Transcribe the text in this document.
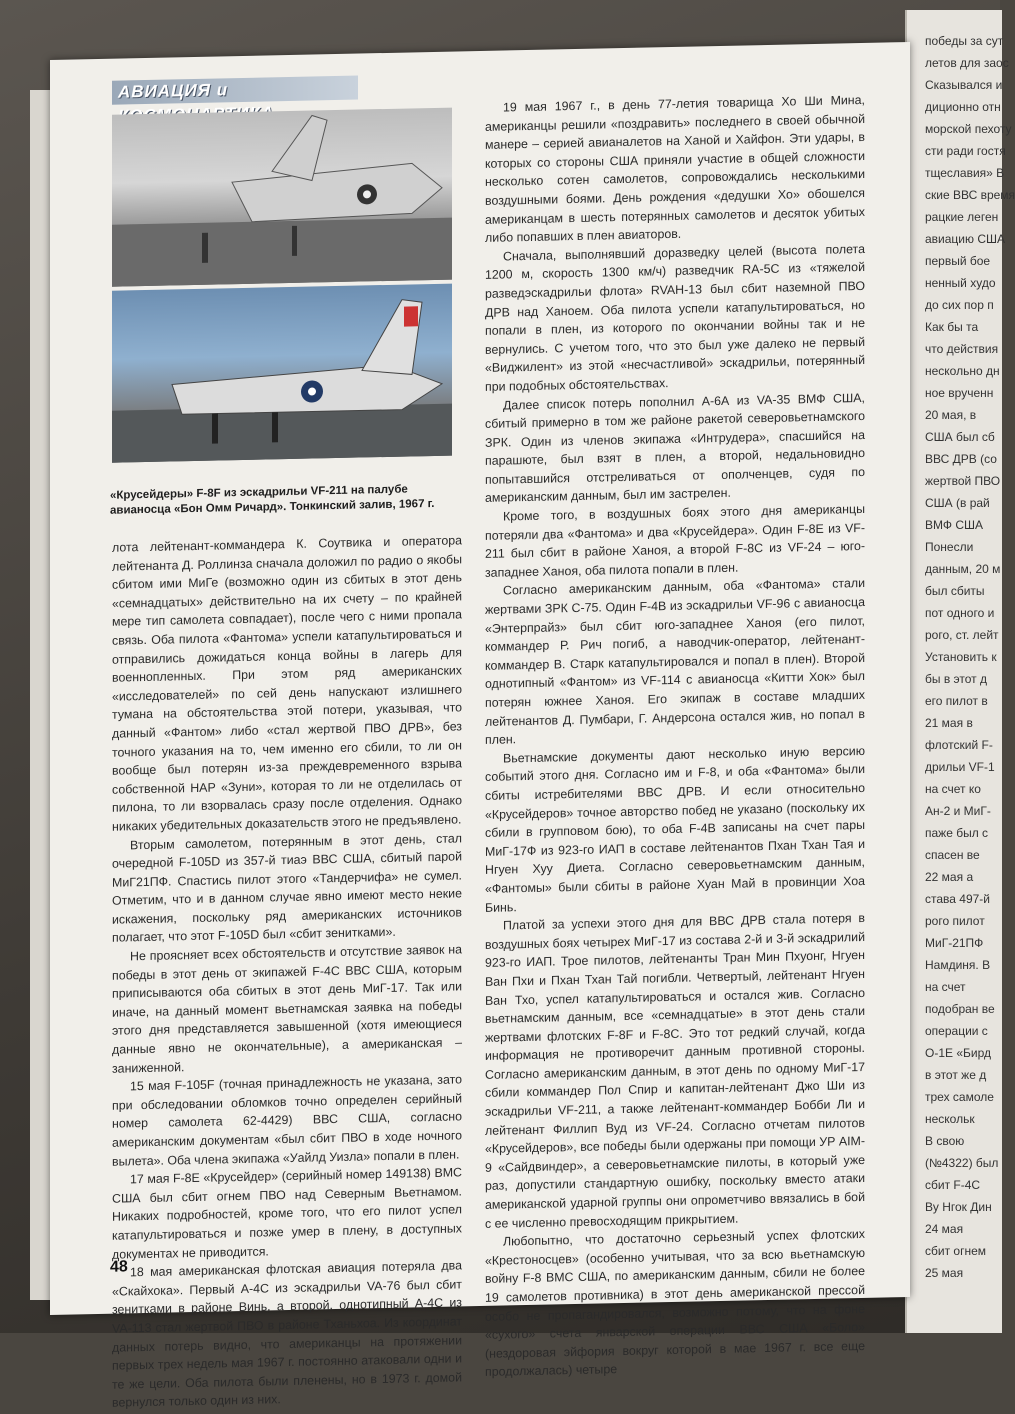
победы за сут
летов для заос
Сказывался и
диционно отн
морской пехоту
сти ради гостя
тщеславия» В
ские ВВС время
рацкие леген
авиацию США
первый бое
ненный худо
до сих пор п
Как бы та
что действия
нескольно дн
ное врученн
20 мая, в
США был сб
ВВС ДРВ (со
жертвой ПВО
США (в рай
ВМФ США
Понесли
данным, 20 м
был сбиты
пот одного и
рого, ст. лейт
Установить к
бы в этот д
его пилот в
21 мая в
флотский F-
дрильи VF-1
на счет ко
Ан-2 и МиГ-
паже был с
спасен ве
22 мая а
става 497-й
рого пилот
МиГ-21ПФ
Намдиня. В
на счет
подобран ве
операции с
О-1Е «Бирд
в этот же д
трех самоле
нескольк
В свою
(№4322) был
сбит F-4С
Ву Нгок Дин
24 мая
сбит огнем
25 мая
АВИАЦИЯ и
«Крусейдеры» F-8F из эскадрильи VF-211 на палубе авианосца «Бон Омм Ричард». Тонкинский залив, 1967 г.

лота лейтенант-коммандера К. Соутвика и оператора лейтенанта Д. Роллинза сначала доложил по радио о якобы сбитом ими МиГе (возможно один из сбитых в этот день «семнадцатых» действительно на их счету – по крайней мере тип самолета совпадает), после чего с ними пропала связь. Оба пилота «Фантома» успели катапультироваться и отправились дожидаться конца войны в лагерь для военнопленных. При этом ряд американских «исследователей» по сей день напускают излишнего тумана на обстоятельства этой потери, указывая, что данный «Фантом» либо «стал жертвой ПВО ДРВ», без точного указания на то, чем именно его сбили, то ли он вообще был потерян из-за преждевременного взрыва собственной НАР «Зуни», которая то ли не отделилась от пилона, то ли взорвалась сразу после отделения. Однако никаких убедительных доказательств этого не предъявлено.

Вторым самолетом, потерянным в этот день, стал очередной F-105D из 357-й тиаэ ВВС США, сбитый парой МиГ21ПФ. Спастись пилот этого «Тандерчифа» не сумел. Отметим, что и в данном случае явно имеют место некие искажения, поскольку ряд американских источников полагает, что этот F-105D был «сбит зенитками».

Не проясняет всех обстоятельств и отсутствие заявок на победы в этот день от экипажей F-4C ВВС США, которым приписываются оба сбитых в этот день МиГ-17. Так или иначе, на данный момент вьетнамская заявка на победы этого дня представляется завышенной (хотя имеющиеся данные явно не окончательные), а американская – заниженной.

15 мая F-105F (точная принадлежность не указана, зато при обследовании обломков точно определен серийный номер самолета 62-4429) ВВС США, согласно американским документам «был сбит ПВО в ходе ночного вылета». Оба члена экипажа «Уайлд Уизла» попали в плен.

17 мая F-8E «Крусейдер» (серийный номер 149138) ВМС США был сбит огнем ПВО над Северным Вьетнамом. Никаких подробностей, кроме того, что его пилот успел катапультироваться и позже умер в плену, в доступных документах не приводится.

18 мая американская флотская авиация потеряла два «Скайхока». Первый А-4С из эскадрильи VA-76 был сбит зенитками в районе Винь, а второй, однотипный А-4С из VA-113 стал жертвой ПВО в районе Тханьхоа. Из координат данных потерь видно, что американцы на протяжении первых трех недель мая 1967 г. постоянно атаковали одни и те же цели. Оба пилота были пленены, но в 1973 г. домой вернулся только один из них.

19 мая 1967 г., в день 77-летия товарища Хо Ши Мина, американцы решили «поздравить» последнего в своей обычной манере – серией авианалетов на Ханой и Хайфон. Эти удары, в которых со стороны США приняли участие в общей сложности несколько сотен самолетов, сопровождались несколькими воздушными боями. День рождения «дедушки Хо» обошелся американцам в шесть потерянных самолетов и десяток убитых либо попавших в плен авиаторов.

Сначала, выполнявший доразведку целей (высота полета 1200 м, скорость 1300 км/ч) разведчик RA-5C из «тяжелой разведэскадрильи флота» RVAH-13 был сбит наземной ПВО ДРВ над Ханоем. Оба пилота успели катапультироваться, но попали в плен, из которого по окончании войны так и не вернулись. С учетом того, что это был уже далеко не первый «Виджилент» из этой «несчастливой» эскадрильи, потерянный при подобных обстоятельствах.

Далее список потерь пополнил А-6А из VA-35 ВМФ США, сбитый примерно в том же районе ракетой северовьетнамского ЗРК. Один из членов экипажа «Интрудера», спасшийся на парашюте, был взят в плен, а второй, недальновидно попытавшийся отстреливаться от ополченцев, судя по американским данным, был им застрелен.

Кроме того, в воздушных боях этого дня американцы потеряли два «Фантома» и два «Крусейдера». Один F-8E из VF-211 был сбит в районе Ханоя, а второй F-8C из VF-24 – юго-западнее Ханоя, оба пилота попали в плен.

Согласно американским данным, оба «Фантома» стали жертвами ЗРК С-75. Один F-4B из эскадрильи VF-96 с авианосца «Энтерпрайз» был сбит юго-западнее Ханоя (его пилот, коммандер Р. Рич погиб, а наводчик-оператор, лейтенант-коммандер В. Старк катапультировался и попал в плен). Второй однотипный «Фантом» из VF-114 с авианосца «Китти Хок» был потерян южнее Ханоя. Его экипаж в составе младших лейтенантов Д. Пумбари, Г. Андерсона остался жив, но попал в плен.

Вьетнамские документы дают несколько иную версию событий этого дня. Согласно им и F-8, и оба «Фантома» были сбиты истребителями ВВС ДРВ. И если относительно «Крусейдеров» точное авторство побед не указано (поскольку их сбили в групповом бою), то оба F-4B записаны на счет пары МиГ-17Ф из 923-го ИАП в составе лейтенантов Пхан Тхан Тая и Нгуен Хуу Диета. Согласно северовьетнамским данным, «Фантомы» были сбиты в районе Хуан Май в провинции Хоа Бинь.

Платой за успехи этого дня для ВВС ДРВ стала потеря в воздушных боях четырех МиГ-17 из состава 2-й и 3-й эскадрилий 923-го ИАП. Трое пилотов, лейтенанты Тран Мин Пхуонг, Нгуен Ван Пхи и Пхан Тхан Тай погибли. Четвертый, лейтенант Нгуен Ван Тхо, успел катапультироваться и остался жив. Согласно вьетнамским данным, все «семнадцатые» в этот день стали жертвами флотских F-8F и F-8C. Это тот редкий случай, когда информация не противоречит данным противной стороны. Согласно американским данным, в этот день по одному МиГ-17 сбили коммандер Пол Спир и капитан-лейтенант Джо Ши из эскадрильи VF-211, а также лейтенант-коммандер Бобби Ли и лейтенант Филлип Вуд из VF-24. Согласно отчетам пилотов «Крусейдеров», все победы были одержаны при помощи УР AIM-9 «Сайдвиндер», а северовьетнамские пилоты, в который уже раз, допустили стандартную ошибку, поскольку вместо атаки американской ударной группы они опрометчиво ввязались в бой с ее численно превосходящим прикрытием.

Любопытно, что достаточно серьезный успех флотских «Крестоносцев» (особенно учитывая, что за всю вьетнамскую войну F-8 ВМС США, по американским данным, сбили не более 19 самолетов противника) в этот день американской прессой особо не пропагандировался, возможно потому, что на фоне «сухого» счета январской операции ВВС США «Боло» (нездоровая эйфория вокруг которой в мае 1967 г. все еще продолжалась) четыре

48
